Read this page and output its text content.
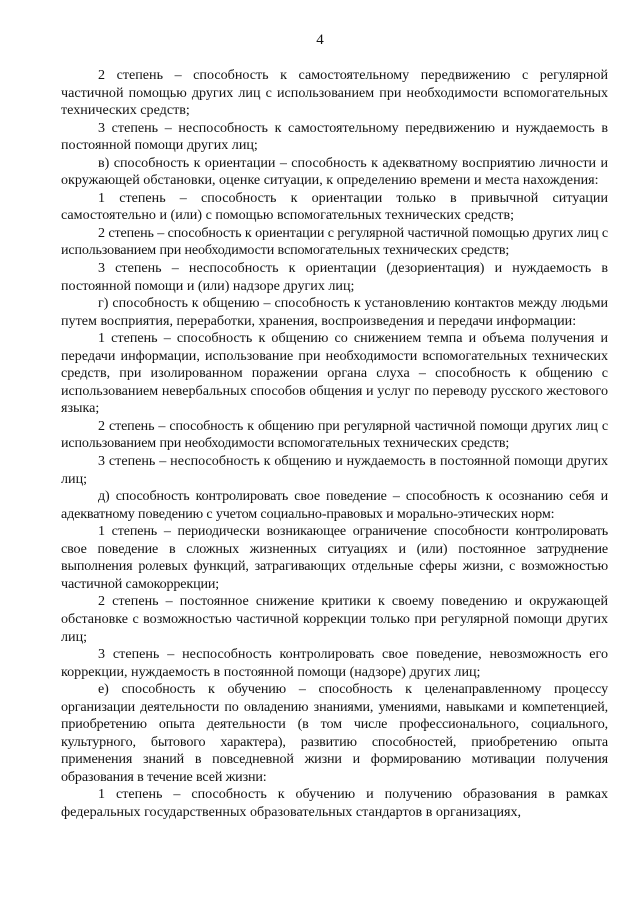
4

2 степень – способность к самостоятельному передвижению с регулярной частичной помощью других лиц с использованием при необходимости вспомогательных технических средств;

3 степень – неспособность к самостоятельному передвижению и нуждаемость в постоянной помощи других лиц;

в) способность к ориентации – способность к адекватному восприятию личности и окружающей обстановки, оценке ситуации, к определению времени и места нахождения:

1 степень – способность к ориентации только в привычной ситуации самостоятельно и (или) с помощью вспомогательных технических средств;

2 степень – способность к ориентации с регулярной частичной помощью других лиц с использованием при необходимости вспомогательных технических средств;

3 степень – неспособность к ориентации (дезориентация) и нуждаемость в постоянной помощи и (или) надзоре других лиц;

г) способность к общению – способность к установлению контактов между людьми путем восприятия, переработки, хранения, воспроизведения и передачи информации:

1 степень – способность к общению со снижением темпа и объема получения и передачи информации, использование при необходимости вспомогательных технических средств, при изолированном поражении органа слуха – способность к общению с использованием невербальных способов общения и услуг по переводу русского жестового языка;

2 степень – способность к общению при регулярной частичной помощи других лиц с использованием при необходимости вспомогательных технических средств;

3 степень – неспособность к общению и нуждаемость в постоянной помощи других лиц;

д) способность контролировать свое поведение – способность к осознанию себя и адекватному поведению с учетом социально-правовых и морально-этических норм:

1 степень – периодически возникающее ограничение способности контролировать свое поведение в сложных жизненных ситуациях и (или) постоянное затруднение выполнения ролевых функций, затрагивающих отдельные сферы жизни, с возможностью частичной самокоррекции;

2 степень – постоянное снижение критики к своему поведению и окружающей обстановке с возможностью частичной коррекции только при регулярной помощи других лиц;

3 степень – неспособность контролировать свое поведение, невозможность его коррекции, нуждаемость в постоянной помощи (надзоре) других лиц;

е) способность к обучению – способность к целенаправленному процессу организации деятельности по овладению знаниями, умениями, навыками и компетенцией, приобретению опыта деятельности (в том числе профессионального, социального, культурного, бытового характера), развитию способностей, приобретению опыта применения знаний в повседневной жизни и формированию мотивации получения образования в течение всей жизни:

1 степень – способность к обучению и получению образования в рамках федеральных государственных образовательных стандартов в организациях,
